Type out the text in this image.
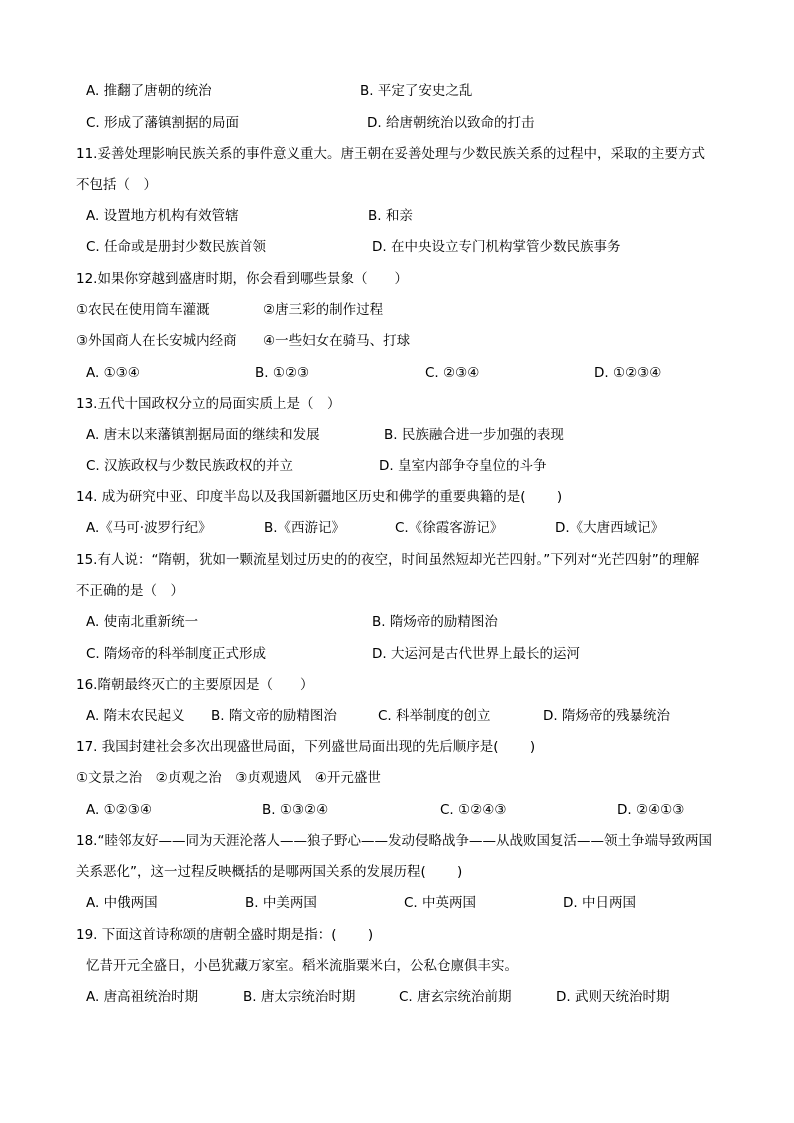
A. 推翻了唐朝的统治	B. 平定了安史之乱
C. 形成了藩镇割据的局面	D. 给唐朝统治以致命的打击
11.妥善处理影响民族关系的事件意义重大。唐王朝在妥善处理与少数民族关系的过程中，采取的主要方式
不包括（　）
A. 设置地方机构有效管辖	B. 和亲
C. 任命或是册封少数民族首领	D. 在中央设立专门机构掌管少数民族事务
12.如果你穿越到盛唐时期，你会看到哪些景象（　　）
①农民在使用筒车灌溉	②唐三彩的制作过程
③外国商人在长安城内经商 ④一些妇女在骑马、打球
A. ①③④	B. ①②③	C. ②③④	D. ①②③④
13.五代十国政权分立的局面实质上是（　）
A. 唐末以来藩镇割据局面的继续和发展	B. 民族融合进一步加强的表现
C. 汉族政权与少数民族政权的并立	D. 皇室内部争夺皇位的斗争
14. 成为研究中亚、印度半岛以及我国新疆地区历史和佛学的重要典籍的是(　　 )
A.《马可·波罗行纪》	B.《西游记》	C.《徐霞客游记》	D.《大唐西域记》
15.有人说：“隋朝，犹如一颗流星划过历史的的夜空，时间虽然短却光芒四射。”下列对“光芒四射”的理解
不正确的是（　）
A. 使南北重新统一	B. 隋炀帝的励精图治
C. 隋炀帝的科举制度正式形成	D. 大运河是古代世界上最长的运河
16.隋朝最终灭亡的主要原因是（　　）
A. 隋末农民起义 B. 隋文帝的励精图治	C. 科举制度的创立	D. 隋炀帝的残暴统治
17. 我国封建社会多次出现盛世局面，下列盛世局面出现的先后顺序是(　　 )
①文景之治　②贞观之治　③贞观遗风　④开元盛世
A. ①②③④	B. ①③②④	C. ①②④③	D. ②④①③
18.“睦邻友好——同为天涯沦落人——狼子野心——发动侵略战争——从战败国复活——领土争端导致两国
关系恶化”，这一过程反映概括的是哪两国关系的发展历程(　　 )
A. 中俄两国	B. 中美两国	C. 中英两国	D. 中日两国
19. 下面这首诗称颂的唐朝全盛时期是指：(　　 )
忆昔开元全盛日，小邑犹藏万家室。稻米流脂粟米白，公私仓廪俱丰实。
A. 唐高祖统治时期	B. 唐太宗统治时期	C. 唐玄宗统治前期	D. 武则天统治时期
